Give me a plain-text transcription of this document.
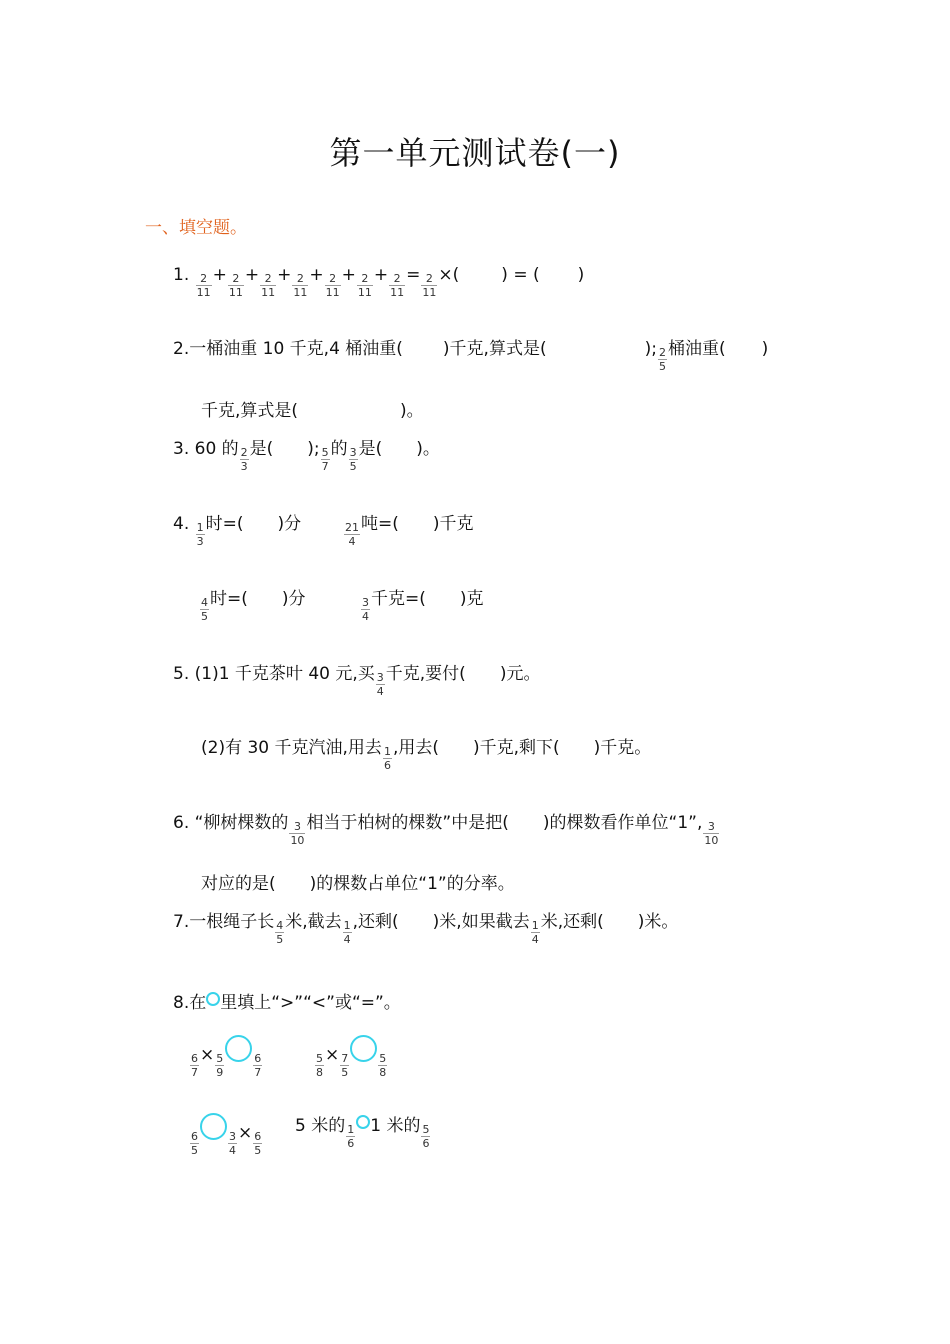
第一单元测试卷(一)
一、填空题。
1. $\frac{2}{11} + \frac{2}{11} + \frac{2}{11} + \frac{2}{11} + \frac{2}{11} + \frac{2}{11} + \frac{2}{11} = \frac{2}{11}$ ×( ) = ( )
2.一桶油重 10 千克,4 桶油重( )千克,算式是(	); $\frac{2}{5}$ 桶油重( )
千克,算式是(　　　　　　)。
3. 60 的 $\frac{2}{3}$ 是(　　); $\frac{5}{7}$ 的 $\frac{3}{5}$ 是(　　)。
4. $\frac{1}{3}$ 时=(　　)分	$\frac{21}{4}$ 吨=(　　)千克
$\frac{4}{5}$ 时=(　　)分	$\frac{3}{4}$ 千克=(　　)克
5. (1)1 千克茶叶 40 元,买 $\frac{3}{4}$ 千克,要付(　　)元。
(2)有 30 千克汽油,用去 $\frac{1}{6}$ ,用去(　　)千克,剩下(　　)千克。
6. “柳树棵数的 $\frac{3}{10}$ 相当于柏树的棵数”中是把(　　)的棵数看作单位“1”, $\frac{3}{10}$
对应的是(　　)的棵数占单位“1”的分率。
7.一根绳子长 $\frac{4}{5}$ 米,截去 $\frac{1}{4}$ ,还剩(　　)米,如果截去 $\frac{1}{4}$ 米,还剩(　　)米。
8.在 里填上“>”“<”或“=”。
$\frac{6}{7} \times \frac{5}{9}$	$\frac{6}{7}$	$\frac{5}{8} \times \frac{7}{5}$	$\frac{5}{8}$
$\frac{6}{5}$	$\frac{3}{4} \times \frac{6}{5}$
5 米的 $\frac{1}{6} 1$ 米的 $\frac{5}{6}$
